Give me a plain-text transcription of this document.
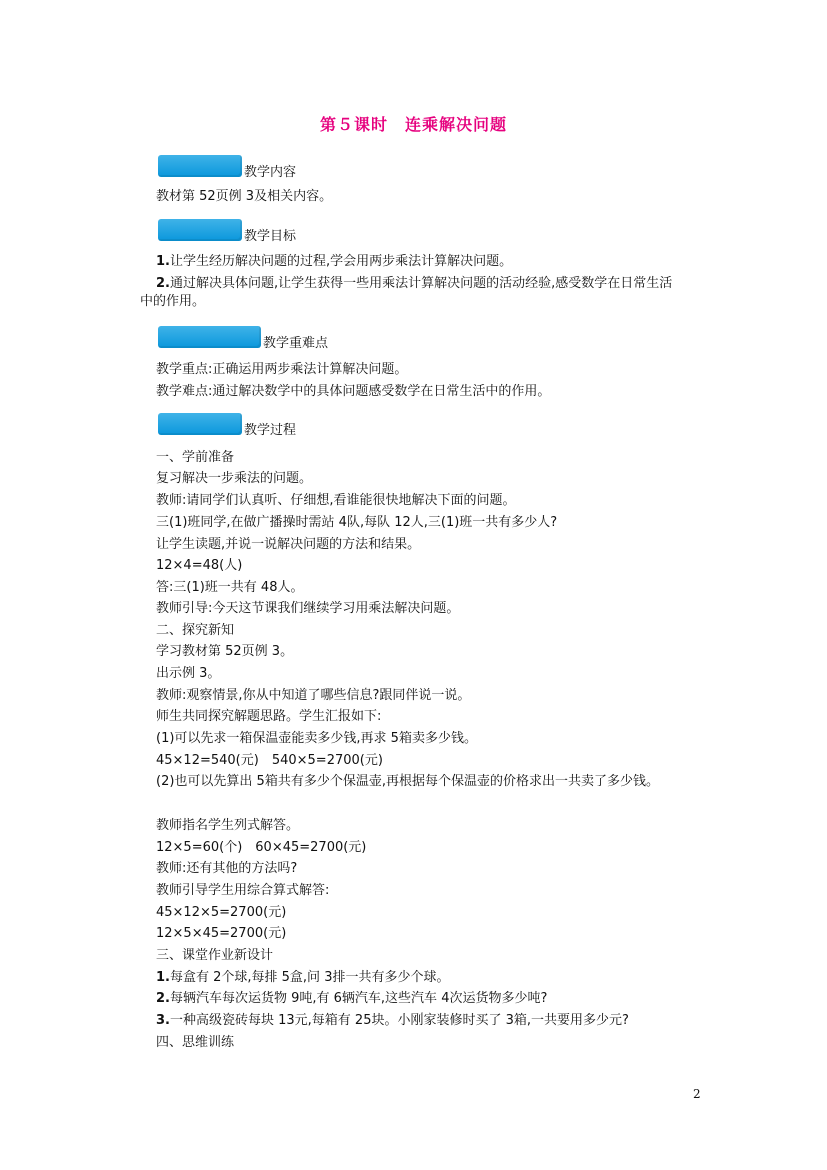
第５课时　连乘解决问题
教学内容
教材第 52页例 3及相关内容。
教学目标
1.让学生经历解决问题的过程,学会用两步乘法计算解决问题。
2.通过解决具体问题,让学生获得一些用乘法计算解决问题的活动经验,感受数学在日常生活中的作用。
教学重难点
教学重点:正确运用两步乘法计算解决问题。
教学难点:通过解决数学中的具体问题感受数学在日常生活中的作用。
教学过程
一、学前准备
复习解决一步乘法的问题。
教师:请同学们认真听、仔细想,看谁能很快地解决下面的问题。
三(1)班同学,在做广播操时需站 4队,每队 12人,三(1)班一共有多少人?
让学生读题,并说一说解决问题的方法和结果。
12×4=48(人)
答:三(1)班一共有 48人。
教师引导:今天这节课我们继续学习用乘法解决问题。
二、探究新知
学习教材第 52页例 3。
出示例 3。
教师:观察情景,你从中知道了哪些信息?跟同伴说一说。
师生共同探究解题思路。学生汇报如下:
(1)可以先求一箱保温壶能卖多少钱,再求 5箱卖多少钱。
45×12=540(元)　540×5=2700(元)
(2)也可以先算出 5箱共有多少个保温壶,再根据每个保温壶的价格求出一共卖了多少钱。
教师指名学生列式解答。
12×5=60(个)　60×45=2700(元)
教师:还有其他的方法吗?
教师引导学生用综合算式解答:
45×12×5=2700(元)
12×5×45=2700(元)
三、课堂作业新设计
1.每盒有 2个球,每排 5盒,问 3排一共有多少个球。
2.每辆汽车每次运货物 9吨,有 6辆汽车,这些汽车 4次运货物多少吨?
3.一种高级瓷砖每块 13元,每箱有 25块。小刚家装修时买了 3箱,一共要用多少元?
四、思维训练
2
